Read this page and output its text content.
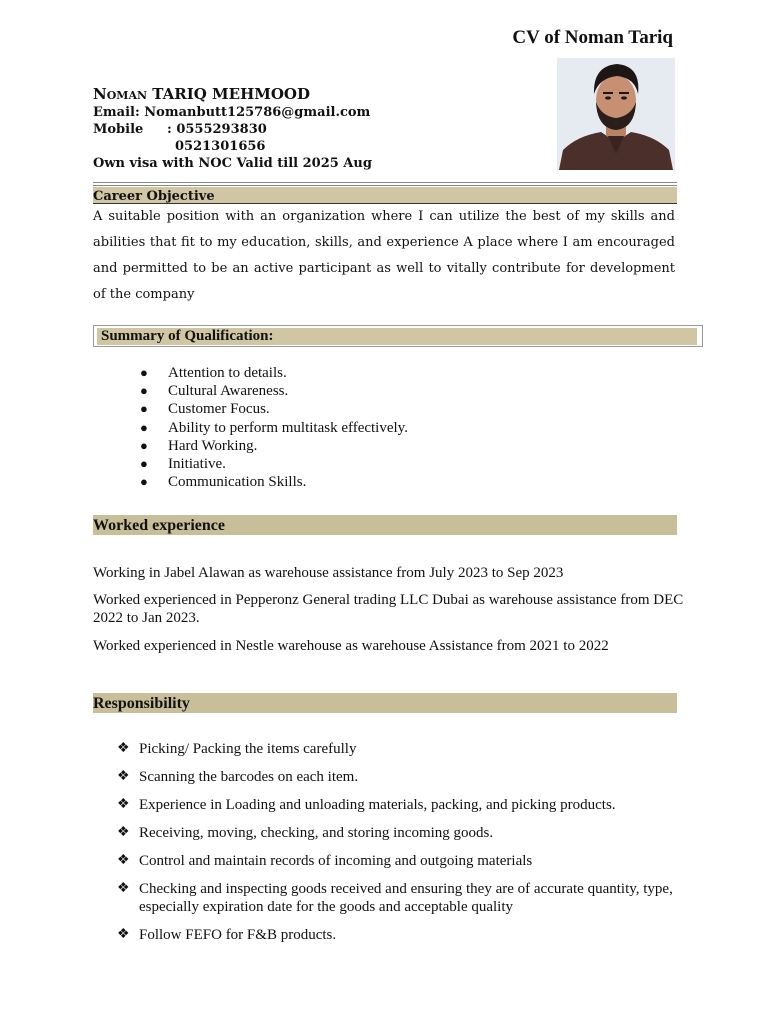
CV of Noman Tariq
NOMAN TARIQ MEHMOOD
Email: Nomanbutt125786@gmail.com
Mobile : 0555293830
0521301656
Own visa with NOC Valid till 2025 Aug
Career Objective
A suitable position with an organization where I can utilize the best of my skills and abilities that fit to my education, skills, and experience A place where I am encouraged and permitted to be an active participant as well to vitally contribute for development of the company
Summary of Qualification:
● Attention to details.
● Cultural Awareness.
● Customer Focus.
● Ability to perform multitask effectively.
● Hard Working.
● Initiative.
● Communication Skills.
Worked experience
Working in Jabel Alawan as warehouse assistance from July 2023 to Sep 2023
Worked experienced in Pepperonz General trading LLC Dubai as warehouse assistance from DEC 2022 to Jan 2023.
Worked experienced in Nestle warehouse as warehouse Assistance from 2021 to 2022
Responsibility
❖ Picking/ Packing the items carefully
❖ Scanning the barcodes on each item.
❖ Experience in Loading and unloading materials, packing, and picking products.
❖ Receiving, moving, checking, and storing incoming goods.
❖ Control and maintain records of incoming and outgoing materials
❖ Checking and inspecting goods received and ensuring they are of accurate quantity, type, especially expiration date for the goods and acceptable quality
❖ Follow FEFO for F&B products.
